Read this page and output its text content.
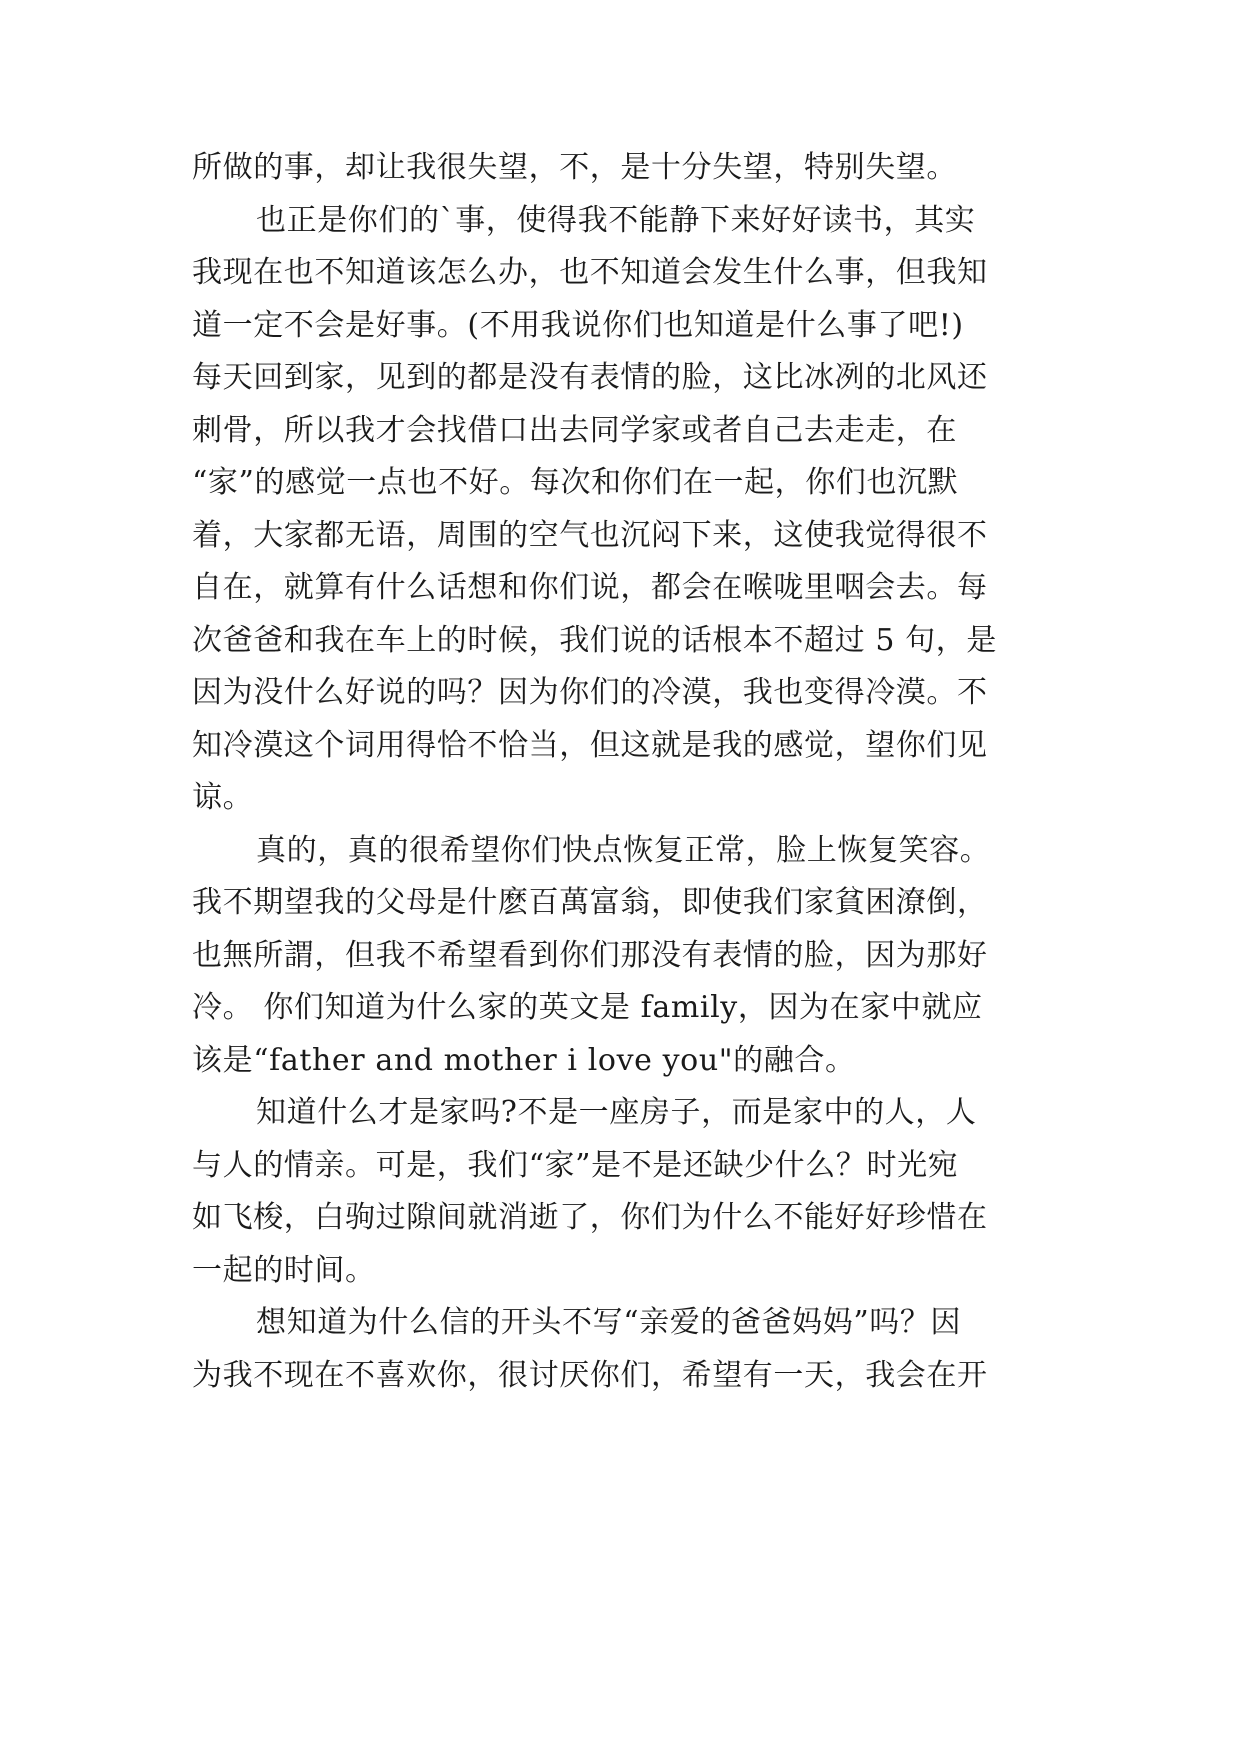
所做的事，却让我很失望，不，是十分失望，特别失望。
也正是你们的`事，使得我不能静下来好好读书，其实
我现在也不知道该怎么办，也不知道会发生什么事，但我知
道一定不会是好事。(不用我说你们也知道是什么事了吧!)
每天回到家，见到的都是没有表情的脸，这比冰冽的北风还
刺骨，所以我才会找借口出去同学家或者自己去走走，在
“家”的感觉一点也不好。每次和你们在一起，你们也沉默
着，大家都无语，周围的空气也沉闷下来，这使我觉得很不
自在，就算有什么话想和你们说，都会在喉咙里咽会去。每
次爸爸和我在车上的时候，我们说的话根本不超过 5 句，是
因为没什么好说的吗？因为你们的冷漠，我也变得冷漠。不
知冷漠这个词用得恰不恰当，但这就是我的感觉，望你们见
谅。
真的，真的很希望你们快点恢复正常，脸上恢复笑容。
我不期望我的父母是什麽百萬富翁，即使我们家貧困潦倒，
也無所謂，但我不希望看到你们那没有表情的脸，因为那好
冷。 你们知道为什么家的英文是 family，因为在家中就应
该是“father and mother i love you"的融合。
知道什么才是家吗?不是一座房子，而是家中的人，人
与人的情亲。可是，我们“家”是不是还缺少什么？时光宛
如飞梭，白驹过隙间就消逝了，你们为什么不能好好珍惜在
一起的时间。
想知道为什么信的开头不写“亲爱的爸爸妈妈”吗？因
为我不现在不喜欢你，很讨厌你们，希望有一天，我会在开
